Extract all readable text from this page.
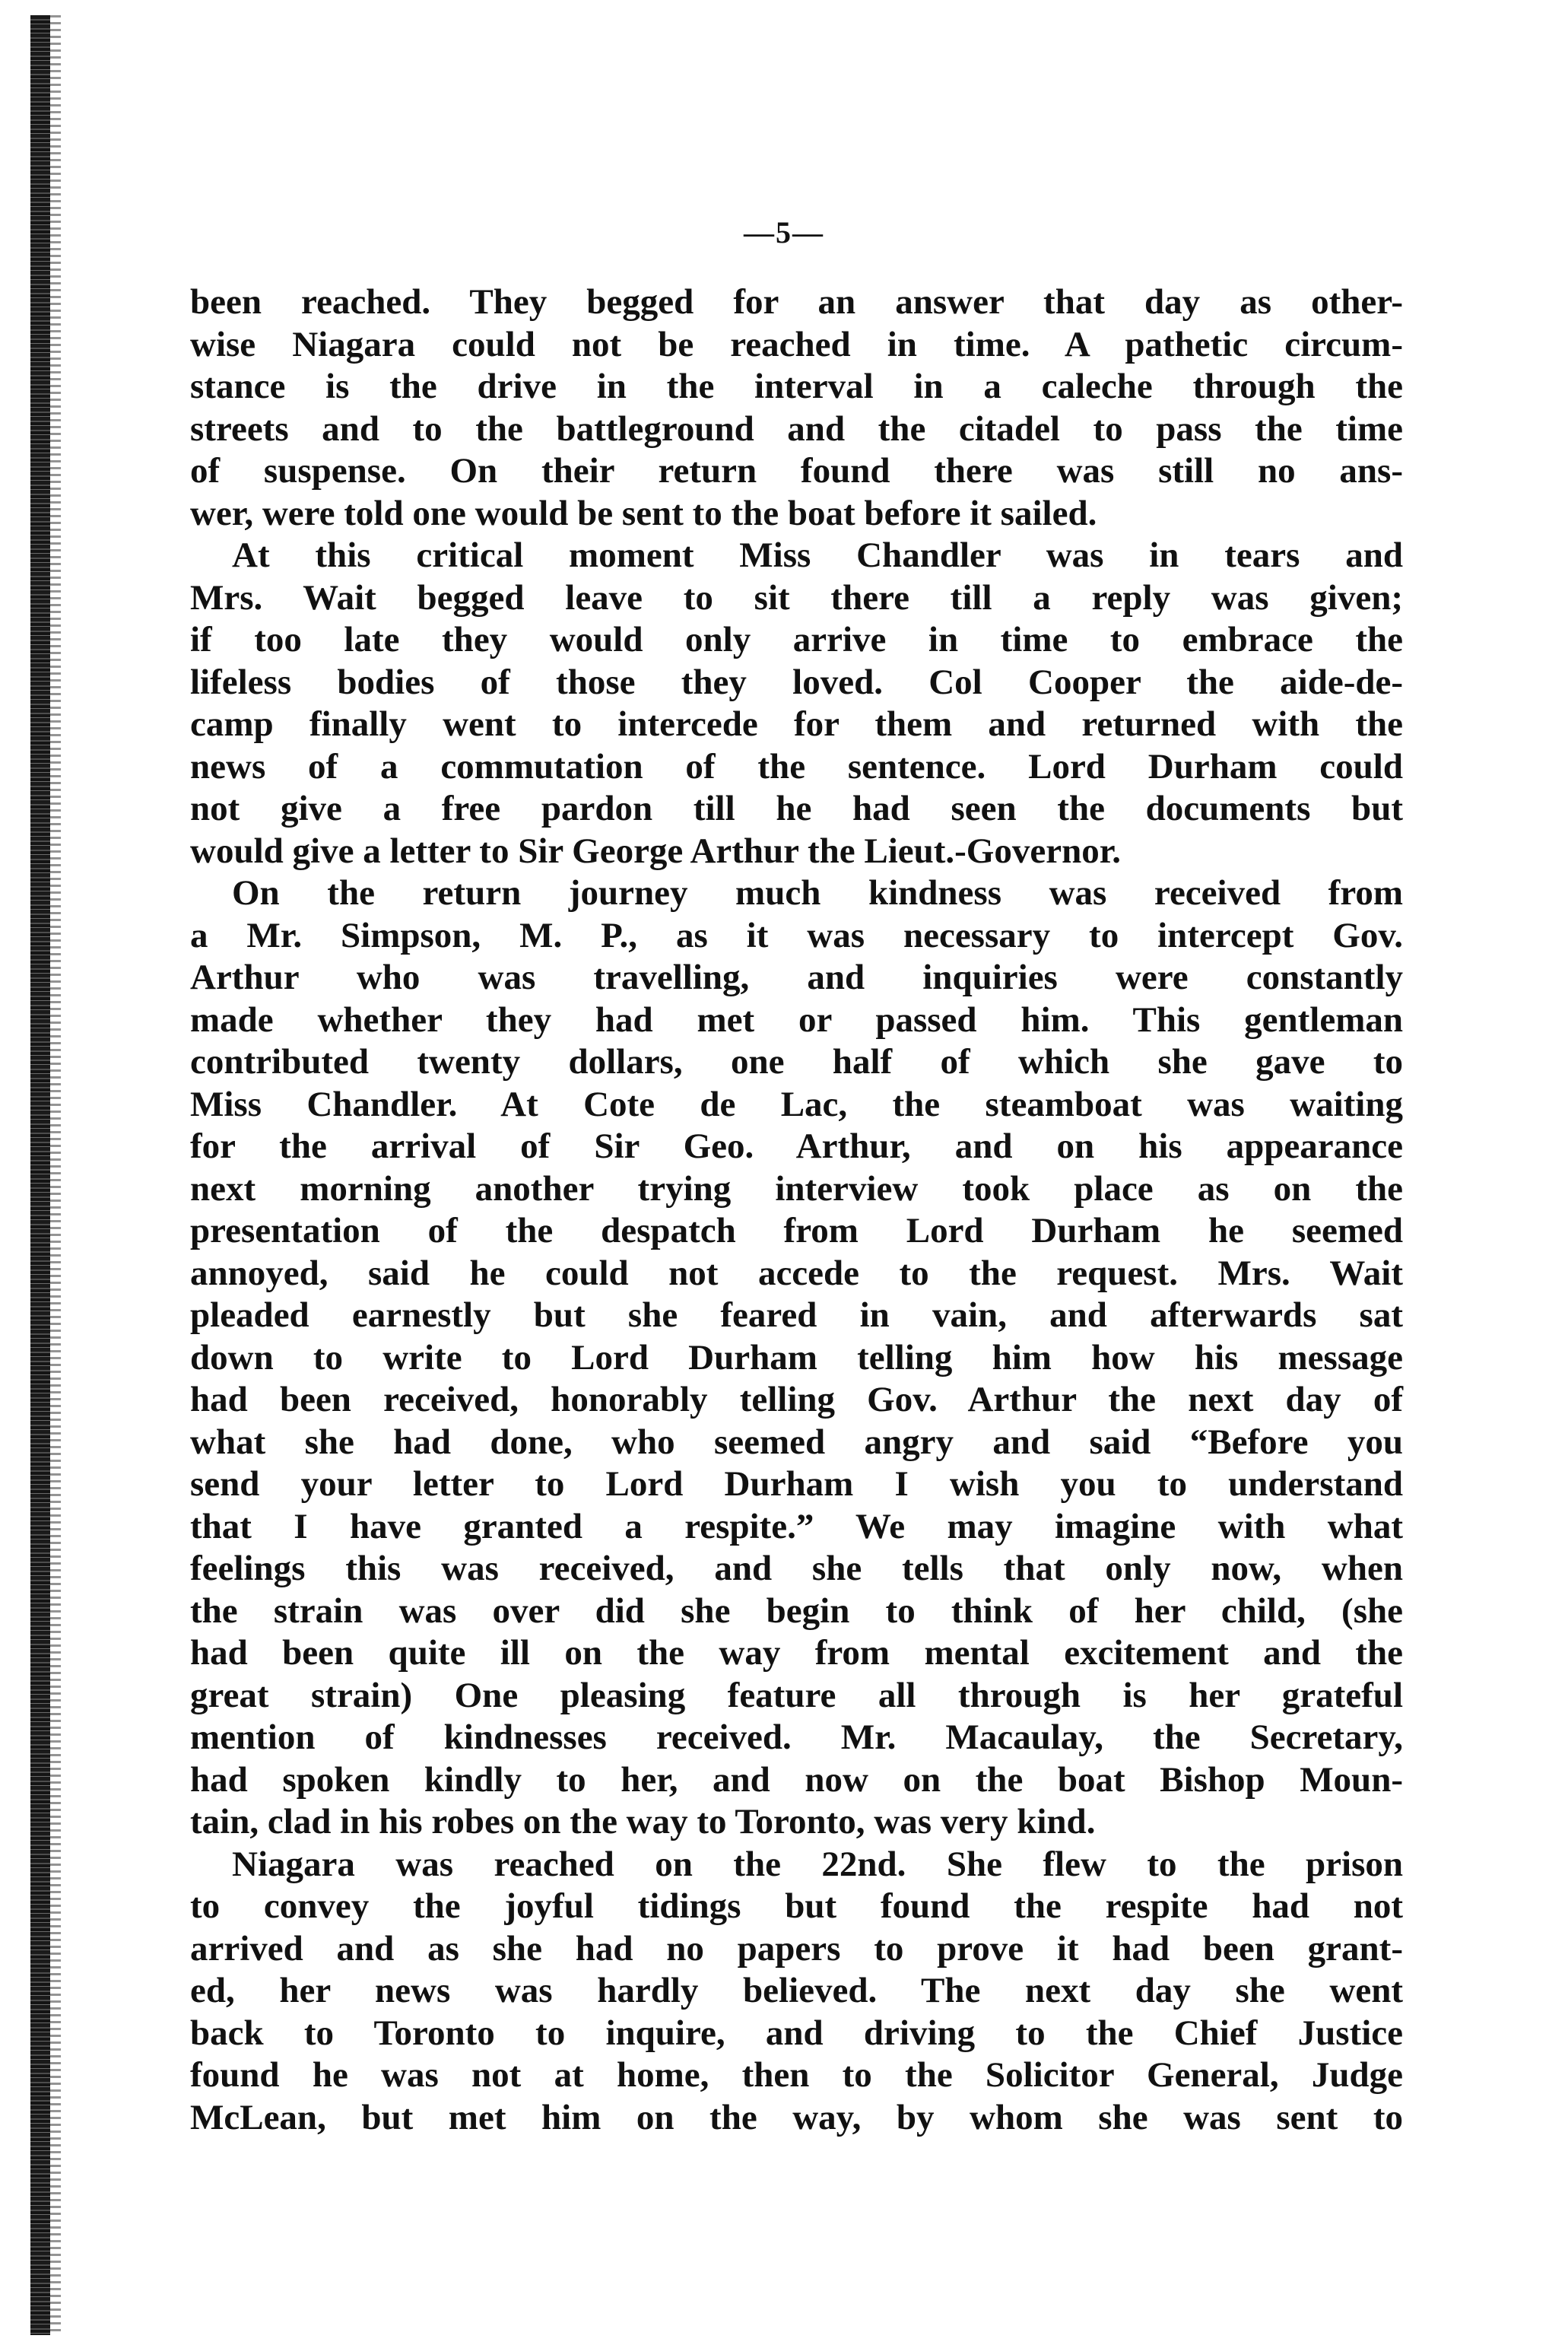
—5—
been reached. They begged for an answer that day as other-
wise Niagara could not be reached in time. A pathetic circum-
stance is the drive in the interval in a caleche through the
streets and to the battleground and the citadel to pass the time
of suspense. On their return found there was still no ans-
wer, were told one would be sent to the boat before it sailed.
At this critical moment Miss Chandler was in tears and
Mrs. Wait begged leave to sit there till a reply was given;
if too late they would only arrive in time to embrace the
lifeless bodies of those they loved. Col Cooper the aide-de-
camp finally went to intercede for them and returned with the
news of a commutation of the sentence. Lord Durham could
not give a free pardon till he had seen the documents but
would give a letter to Sir George Arthur the Lieut.-Governor.
On the return journey much kindness was received from
a Mr. Simpson, M. P., as it was necessary to intercept Gov.
Arthur who was travelling, and inquiries were constantly
made whether they had met or passed him. This gentleman
contributed twenty dollars, one half of which she gave to
Miss Chandler. At Cote de Lac, the steamboat was waiting
for the arrival of Sir Geo. Arthur, and on his appearance
next morning another trying interview took place as on the
presentation of the despatch from Lord Durham he seemed
annoyed, said he could not accede to the request. Mrs. Wait
pleaded earnestly but she feared in vain, and afterwards sat
down to write to Lord Durham telling him how his message
had been received, honorably telling Gov. Arthur the next day of
what she had done, who seemed angry and said “Before you
send your letter to Lord Durham I wish you to understand
that I have granted a respite.” We may imagine with what
feelings this was received, and she tells that only now, when
the strain was over did she begin to think of her child, (she
had been quite ill on the way from mental excitement and the
great strain) One pleasing feature all through is her grateful
mention of kindnesses received. Mr. Macaulay, the Secretary,
had spoken kindly to her, and now on the boat Bishop Moun-
tain, clad in his robes on the way to Toronto, was very kind.
Niagara was reached on the 22nd. She flew to the prison
to convey the joyful tidings but found the respite had not
arrived and as she had no papers to prove it had been grant-
ed, her news was hardly believed. The next day she went
back to Toronto to inquire, and driving to the Chief Justice
found he was not at home, then to the Solicitor General, Judge
McLean, but met him on the way, by whom she was sent to
